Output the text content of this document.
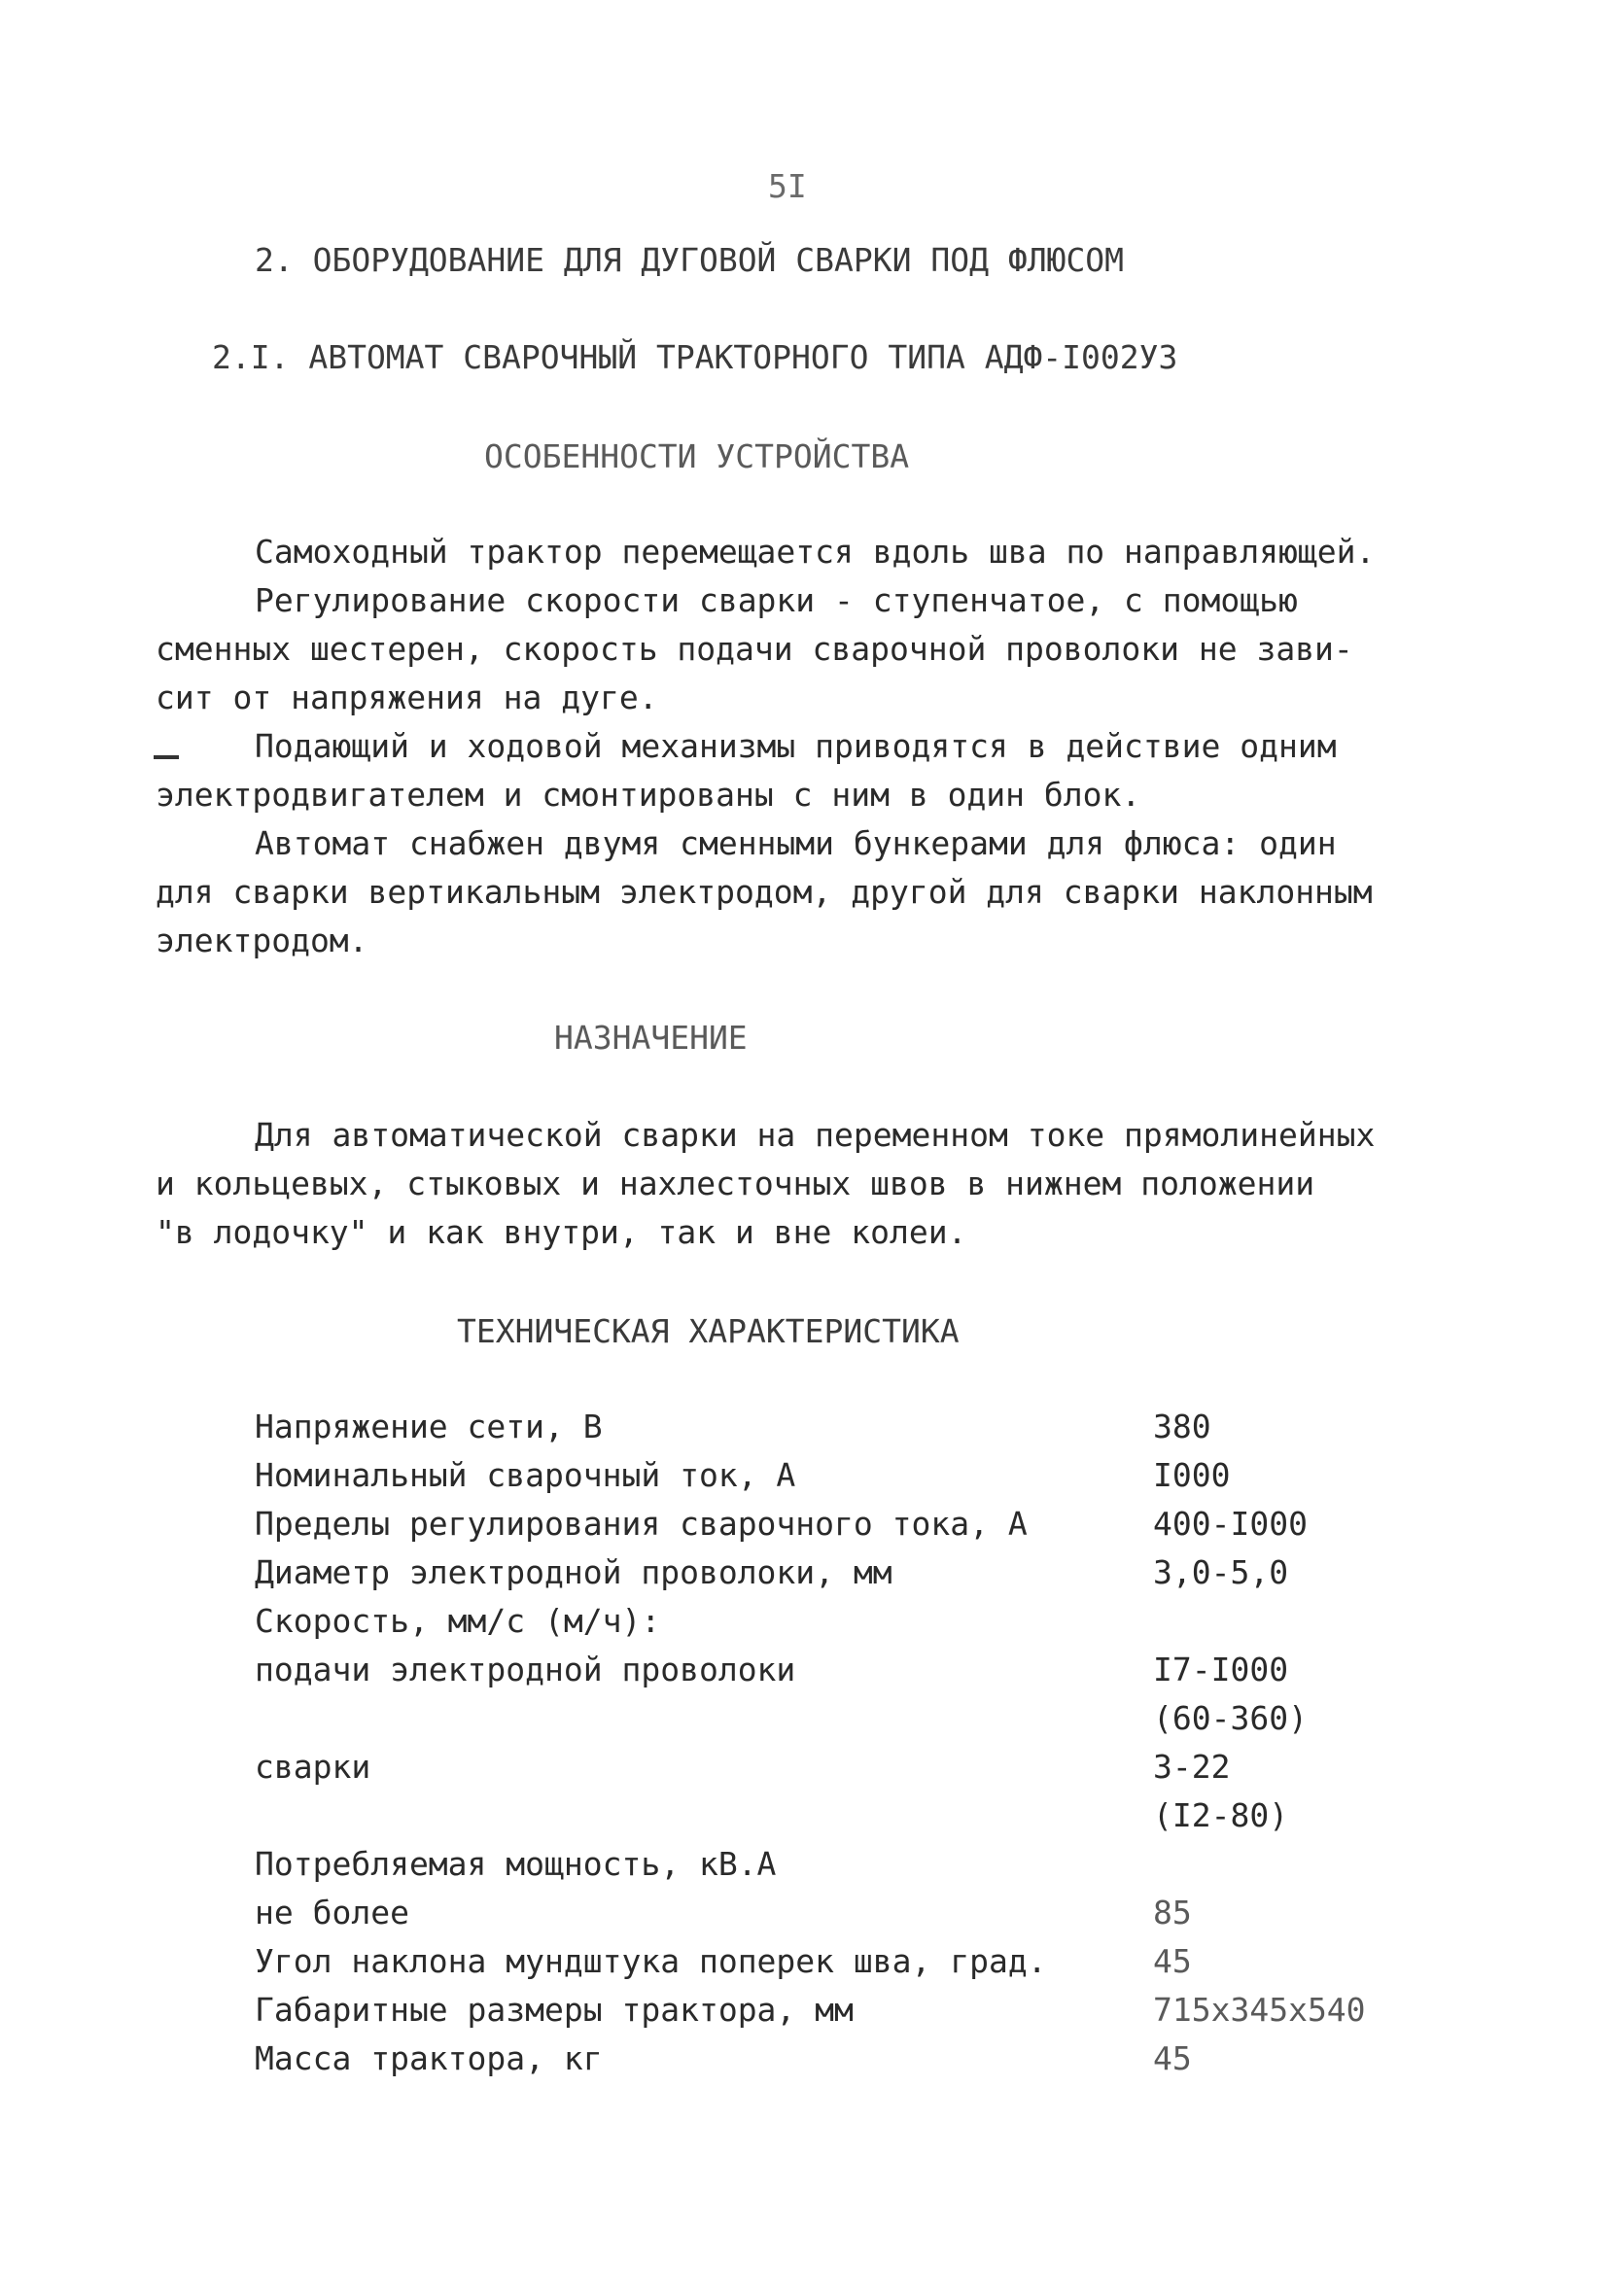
5I
2. ОБОРУДОВАНИЕ ДЛЯ ДУГОВОЙ СВАРКИ ПОД ФЛЮСОМ
2.I. АВТОМАТ СВАРОЧНЫЙ ТРАКТОРНОГО ТИПА АДФ-I002УЗ
ОСОБЕННОСТИ УСТРОЙСТВА
Самоходный трактор перемещается вдоль шва по направляющей.
Регулирование скорости сварки - ступенчатое, с помощью
сменных шестерен, скорость подачи сварочной проволоки не зави-
сит от напряжения на дуге.
Подающий и ходовой механизмы приводятся в действие одним
электродвигателем и смонтированы с ним в один блок.
Автомат снабжен двумя сменными бункерами для флюса: один
для сварки вертикальным электродом, другой для сварки наклонным
электродом.
НАЗНАЧЕНИЕ
Для автоматической сварки на переменном токе прямолинейных
и кольцевых, стыковых и нахлесточных швов в нижнем положении
"в лодочку" и как внутри, так и вне колеи.
ТЕХНИЧЕСКАЯ ХАРАКТЕРИСТИКА
Напряжение сети, В	380
Номинальный сварочный ток, А	I000
Пределы регулирования сварочного тока, А	400-I000
Диаметр электродной проволоки, мм	3,0-5,0
Скорость, мм/с (м/ч):
подачи электродной проволоки	I7-I000
(60-360)
сварки	3-22
(I2-80)
Потребляемая мощность, кВ.А
не более	85
Угол наклона мундштука поперек шва, град.	45
Габаритные размеры трактора, мм	715х345х540
Масса трактора, кг	45
